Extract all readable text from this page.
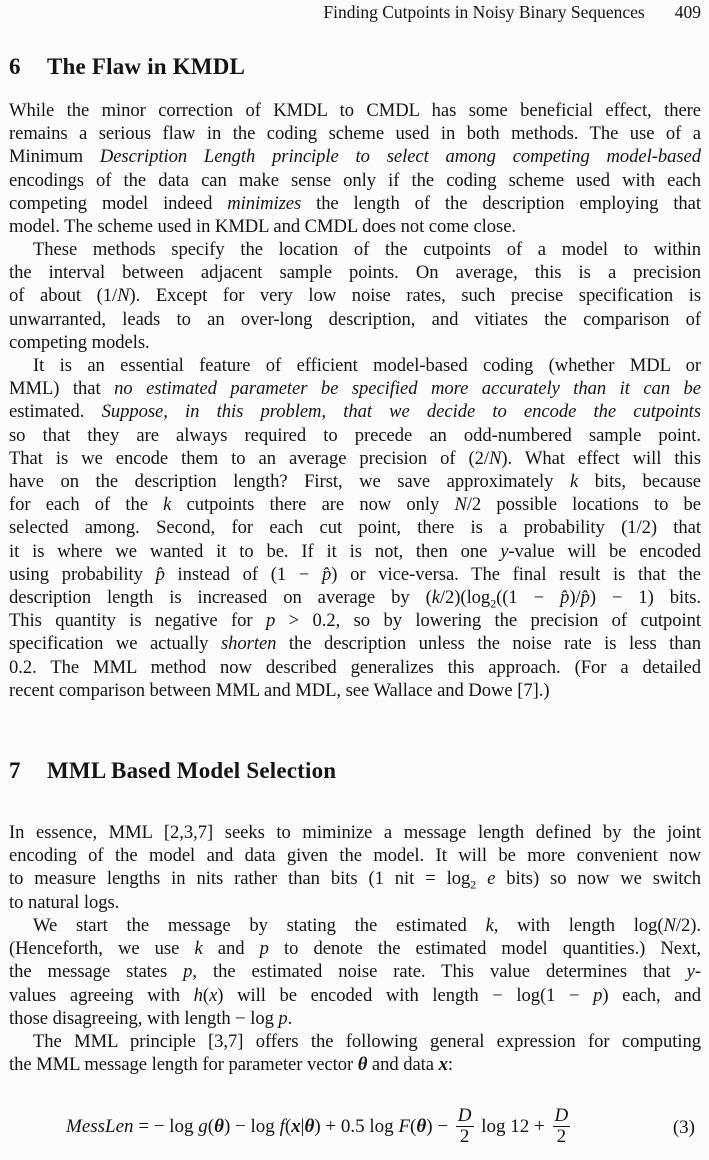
Finding Cutpoints in Noisy Binary Sequences 409
6 The Flaw in KMDL
While the minor correction of KMDL to CMDL has some beneficial effect, there
remains a serious flaw in the coding scheme used in both methods. The use of a
Minimum Description Length principle to select among competing model-based
encodings of the data can make sense only if the coding scheme used with each
competing model indeed minimizes the length of the description employing that
model. The scheme used in KMDL and CMDL does not come close.
These methods specify the location of the cutpoints of a model to within
the interval between adjacent sample points. On average, this is a precision
of about (1/N). Except for very low noise rates, such precise specification is
unwarranted, leads to an over-long description, and vitiates the comparison of
competing models.
It is an essential feature of efficient model-based coding (whether MDL or
MML) that no estimated parameter be specified more accurately than it can be
estimated. Suppose, in this problem, that we decide to encode the cutpoints
so that they are always required to precede an odd-numbered sample point.
That is we encode them to an average precision of (2/N). What effect will this
have on the description length? First, we save approximately k bits, because
for each of the k cutpoints there are now only N/2 possible locations to be
selected among. Second, for each cut point, there is a probability (1/2) that
it is where we wanted it to be. If it is not, then one y-value will be encoded
using probability p̂ instead of (1 − p̂) or vice-versa. The final result is that the
description length is increased on average by $(k/2)(\log_2((1$ − p̂)/p̂) − 1) bits.
This quantity is negative for p > 0.2, so by lowering the precision of cutpoint
specification we actually shorten the description unless the noise rate is less than
0.2. The MML method now described generalizes this approach. (For a detailed
recent comparison between MML and MDL, see Wallace and Dowe [7].)
7 MML Based Model Selection
In essence, MML [2,3,7] seeks to miminize a message length defined by the joint
encoding of the model and data given the model. It will be more convenient now
to measure lengths in nits rather than bits (1 nit = $\log_2 e$ bits) so now we switch
to natural logs.
We start the message by stating the estimated k, with length log(N/2).
(Henceforth, we use k and p to denote the estimated model quantities.) Next,
the message states p, the estimated noise rate. This value determines that y-
values agreeing with h(x) will be encoded with length − log(1 − p) each, and
those disagreeing, with length − log p.
The MML principle [3,7] offers the following general expression for computing
the MML message length for parameter vector θ and data x:
MessLen = − log g ( θ ) − log f ( x | θ ) + 0.5 log F ( θ ) − $\frac{D}{2}$ $\log 12 + \frac{D}{2}$	(3)
